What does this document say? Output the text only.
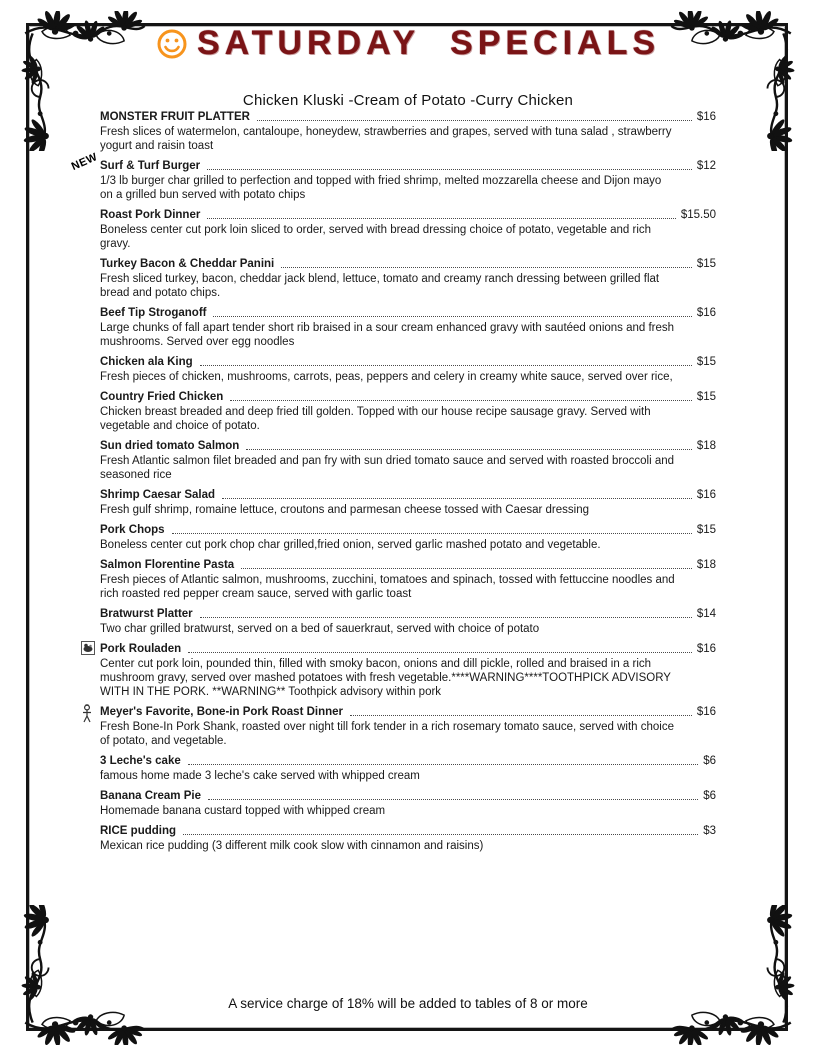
SATURDAY SPECIALS
Chicken Kluski -Cream of Potato -Curry Chicken
MONSTER FRUIT PLATTER	$16
Fresh slices of watermelon, cantaloupe, honeydew, strawberries and grapes, served with tuna salad , strawberry yogurt and raisin toast
NEW Surf & Turf Burger	$12
1/3 lb burger char grilled to perfection and topped with fried shrimp, melted mozzarella cheese and Dijon mayo on a grilled bun served with potato chips
Roast Pork Dinner	$15.50
Boneless center cut pork loin sliced to order, served with bread dressing choice of potato, vegetable and rich gravy.
Turkey Bacon & Cheddar Panini	$15
Fresh sliced turkey, bacon, cheddar jack blend, lettuce, tomato and creamy ranch dressing between grilled flat bread and potato chips.
Beef Tip Stroganoff	$16
Large chunks of fall apart tender short rib braised in a sour cream enhanced gravy with sautéed onions and fresh mushrooms. Served over egg noodles
Chicken ala King	$15
Fresh pieces of chicken, mushrooms, carrots, peas, peppers and celery in creamy white sauce, served over rice,
Country Fried Chicken	$15
Chicken breast breaded and deep fried till golden. Topped with our house recipe sausage gravy. Served with vegetable and choice of potato.
Sun dried tomato Salmon	$18
Fresh Atlantic salmon filet breaded and pan fry with sun dried tomato sauce and served with roasted broccoli and seasoned rice
Shrimp Caesar Salad	$16
Fresh gulf shrimp, romaine lettuce, croutons and parmesan cheese tossed with Caesar dressing
Pork Chops	$15
Boneless center cut pork chop char grilled,fried onion, served garlic mashed potato and vegetable.
Salmon Florentine Pasta	$18
Fresh pieces of Atlantic salmon, mushrooms, zucchini, tomatoes and spinach, tossed with fettuccine noodles and rich roasted red pepper cream sauce, served with garlic toast
Bratwurst Platter	$14
Two char grilled bratwurst, served on a bed of sauerkraut, served with choice of potato
Pork Rouladen	$16
Center cut pork loin, pounded thin, filled with smoky bacon, onions and dill pickle, rolled and braised in a rich mushroom gravy, served over mashed potatoes with fresh vegetable.****WARNING****TOOTHPICK ADVISORY WITH IN THE PORK. **WARNING** Toothpick advisory within pork
Meyer's Favorite, Bone-in Pork Roast Dinner	$16
Fresh Bone-In Pork Shank, roasted over night till fork tender in a rich rosemary tomato sauce, served with choice of potato, and vegetable.
3 Leche's cake	$6
famous home made 3 leche's cake served with whipped cream
Banana Cream Pie	$6
Homemade banana custard topped with whipped cream
RICE pudding	$3
Mexican rice pudding (3 different milk cook slow with cinnamon and raisins)
A service charge of 18% will be added to tables of 8 or more
